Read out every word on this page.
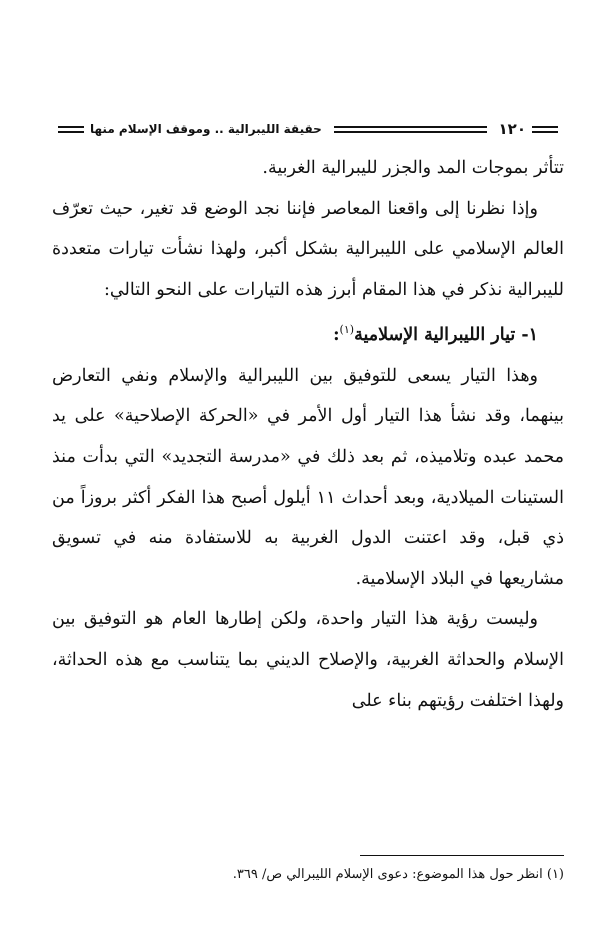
١٢٠
حقيقة الليبرالية .. وموقف الإسلام منها

تتأثر بموجات المد والجزر لليبرالية الغربية.

وإذا نظرنا إلى واقعنا المعاصر فإننا نجد الوضع قد تغير، حيث تعرّف العالم الإسلامي على الليبرالية بشكل أكبر، ولهذا نشأت تيارات متعددة لليبرالية نذكر في هذا المقام أبرز هذه التيارات على النحو التالي:

١- تيار الليبرالية الإسلامية$^{(١)}$:

وهذا التيار يسعى للتوفيق بين الليبرالية والإسلام ونفي التعارض بينهما، وقد نشأ هذا التيار أول الأمر في «الحركة الإصلاحية» على يد محمد عبده وتلاميذه، ثم بعد ذلك في «مدرسة التجديد» التي بدأت منذ الستينات الميلادية، وبعد أحداث ١١ أيلول أصبح هذا الفكر أكثر بروزاً من ذي قبل، وقد اعتنت الدول الغربية به للاستفادة منه في تسويق مشاريعها في البلاد الإسلامية.

وليست رؤية هذا التيار واحدة، ولكن إطارها العام هو التوفيق بين الإسلام والحداثة الغربية، والإصلاح الديني بما يتناسب مع هذه الحداثة، ولهذا اختلفت رؤيتهم بناء على

(١) انظر حول هذا الموضوع: دعوى الإسلام الليبرالي ص/ ٣٦٩.
